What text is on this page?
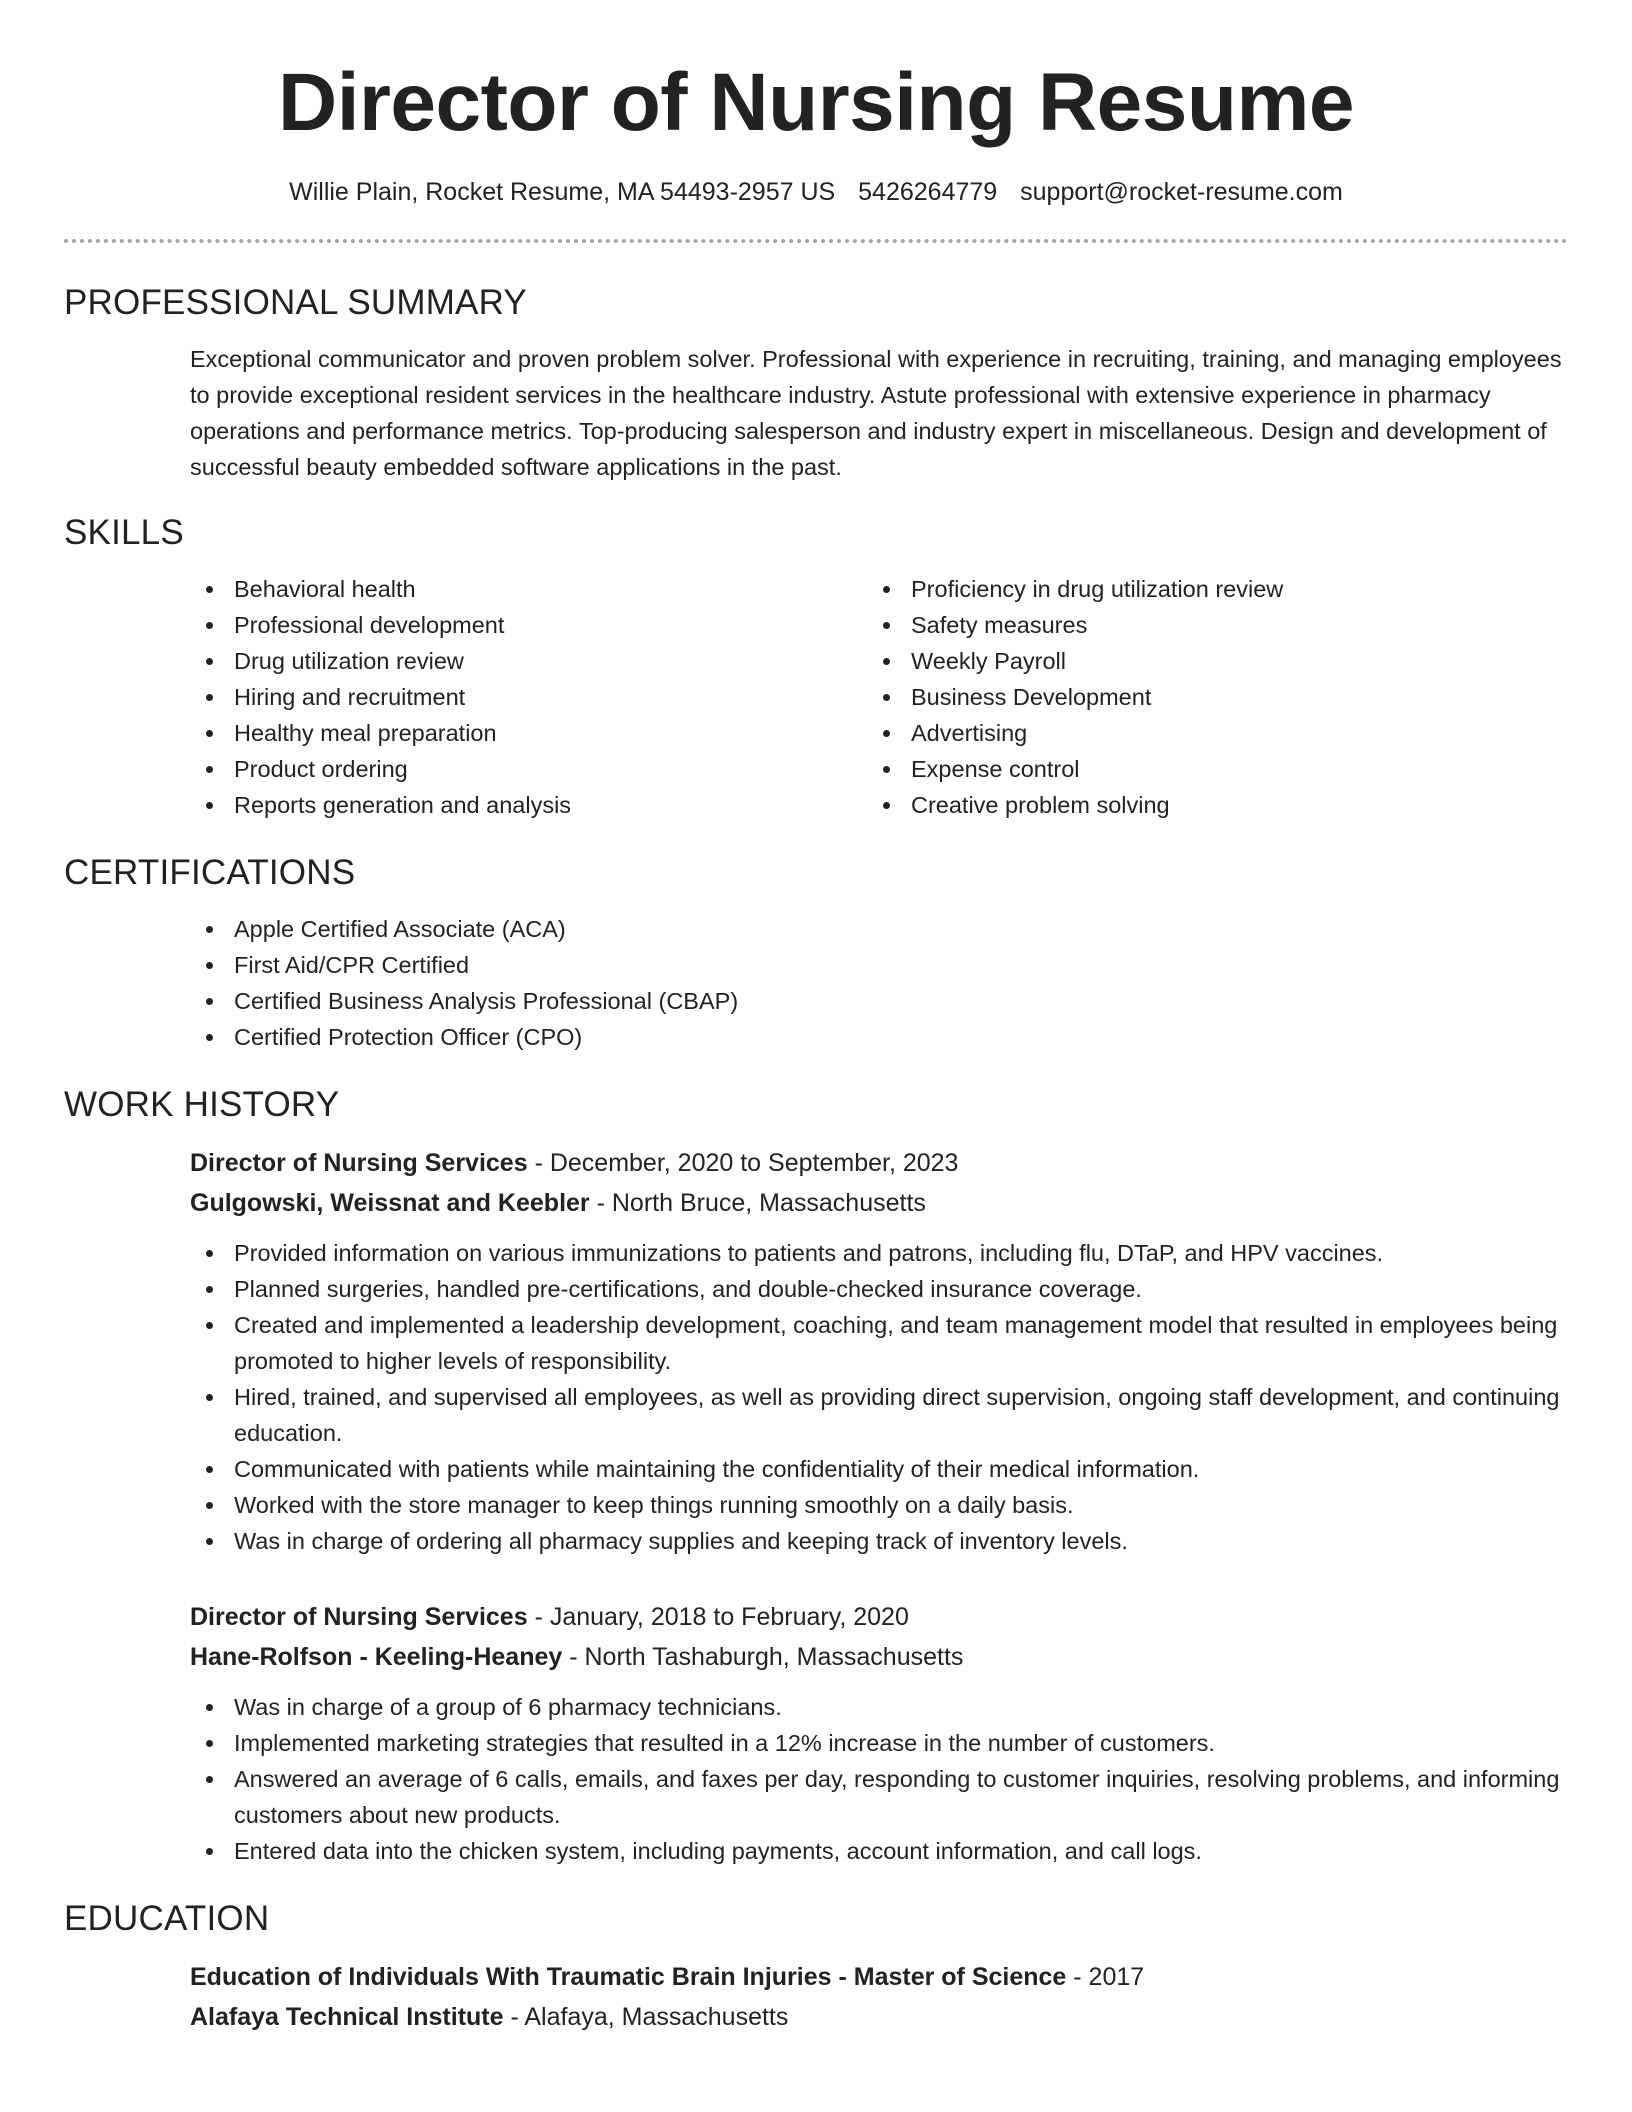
Director of Nursing Resume
Willie Plain, Rocket Resume, MA 54493-2957 US 5426264779 support@rocket-resume.com
PROFESSIONAL SUMMARY

Exceptional communicator and proven problem solver. Professional with experience in recruiting, training, and managing employees to provide exceptional resident services in the healthcare industry. Astute professional with extensive experience in pharmacy operations and performance metrics. Top-producing salesperson and industry expert in miscellaneous. Design and development of successful beauty embedded software applications in the past.

SKILLS
Behavioral health
Professional development
Drug utilization review
Hiring and recruitment
Healthy meal preparation
Product ordering
Reports generation and analysis
Proficiency in drug utilization review
Safety measures
Weekly Payroll
Business Development
Advertising
Expense control
Creative problem solving
CERTIFICATIONS
Apple Certified Associate (ACA)
First Aid/CPR Certified
Certified Business Analysis Professional (CBAP)
Certified Protection Officer (CPO)
WORK HISTORY
Director of Nursing Services - December, 2020 to September, 2023
Gulgowski, Weissnat and Keebler - North Bruce, Massachusetts
Provided information on various immunizations to patients and patrons, including flu, DTaP, and HPV vaccines.
Planned surgeries, handled pre-certifications, and double-checked insurance coverage.
Created and implemented a leadership development, coaching, and team management model that resulted in employees being promoted to higher levels of responsibility.
Hired, trained, and supervised all employees, as well as providing direct supervision, ongoing staff development, and continuing education.
Communicated with patients while maintaining the confidentiality of their medical information.
Worked with the store manager to keep things running smoothly on a daily basis.
Was in charge of ordering all pharmacy supplies and keeping track of inventory levels.
Director of Nursing Services - January, 2018 to February, 2020
Hane-Rolfson - Keeling-Heaney - North Tashaburgh, Massachusetts
Was in charge of a group of 6 pharmacy technicians.
Implemented marketing strategies that resulted in a 12% increase in the number of customers.
Answered an average of 6 calls, emails, and faxes per day, responding to customer inquiries, resolving problems, and informing customers about new products.
Entered data into the chicken system, including payments, account information, and call logs.
EDUCATION
Education of Individuals With Traumatic Brain Injuries - Master of Science - 2017
Alafaya Technical Institute - Alafaya, Massachusetts
